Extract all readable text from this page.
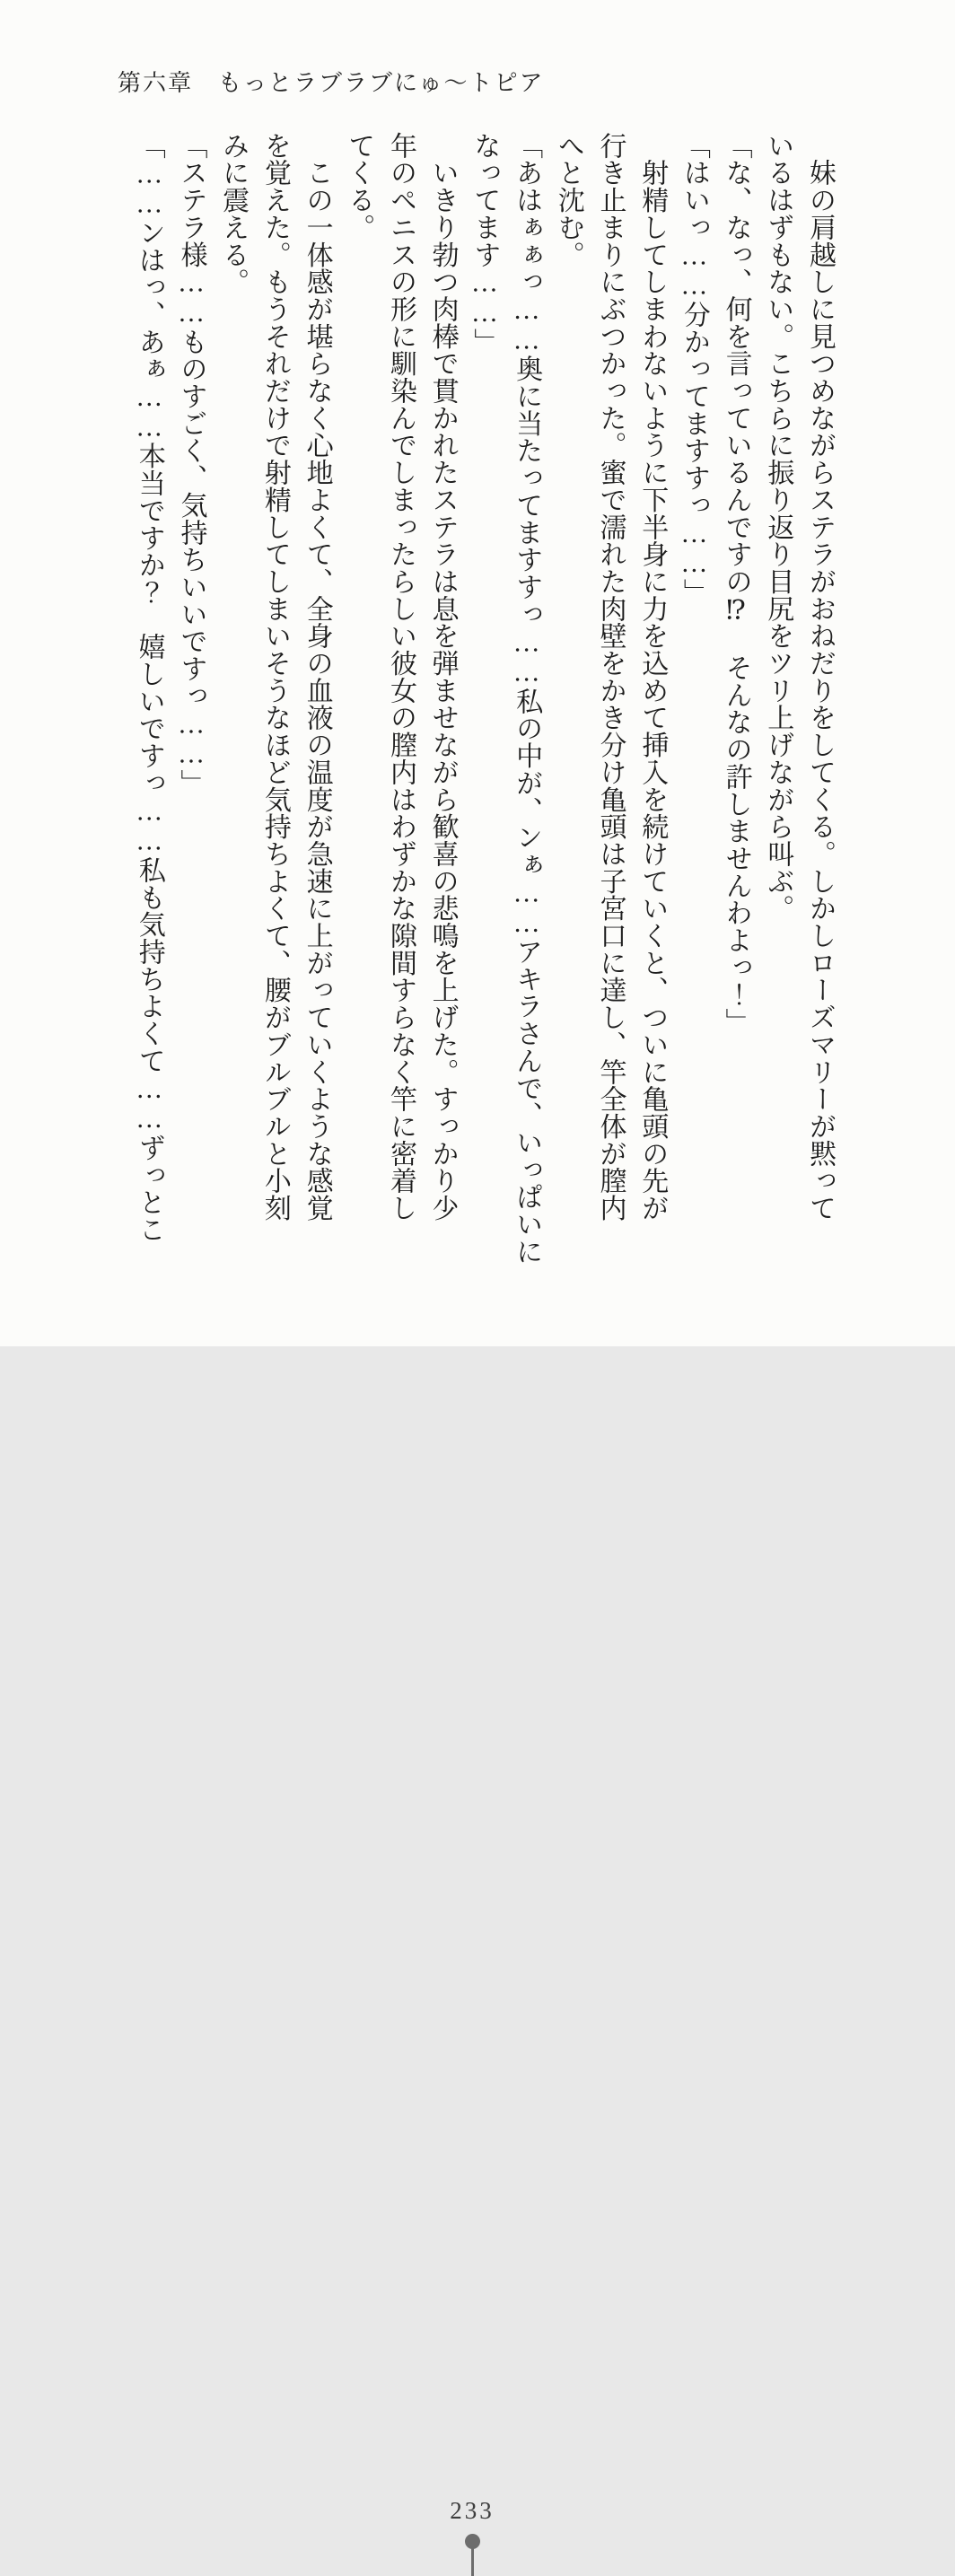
第六章　もっとラブラブにゅ～トピア
　妹の肩越しに見つめながらステラがおねだりをしてくる。しかしローズマリーが黙って
いるはずもない。こちらに振り返り目尻をツリ上げながら叫ぶ。
「な、なっ、何を言っているんですの⁉　そんなの許しませんわよっ！」
「はいっ……分かってますすっ……」
　射精してしまわないように下半身に力を込めて挿入を続けていくと、ついに亀頭の先が
行き止まりにぶつかった。蜜で濡れた肉壁をかき分け亀頭は子宮口に達し、竿全体が膣内
へと沈む。
「あはぁぁっ……奥に当たってますすっ……私の中が、ンぁ……アキラさんで、いっぱいに
なってます……」
　いきり勃つ肉棒で貫かれたステラは息を弾ませながら歓喜の悲鳴を上げた。すっかり少
年のペニスの形に馴染んでしまったらしい彼女の膣内はわずかな隙間すらなく竿に密着し
てくる。
　この一体感が堪らなく心地よくて、全身の血液の温度が急速に上がっていくような感覚
を覚えた。もうそれだけで射精してしまいそうなほど気持ちよくて、腰がブルブルと小刻
みに震える。
「ステラ様……ものすごく、気持ちいいですっ……」
「……ンはっ、あぁ……本当ですか？　嬉しいですっ……私も気持ちよくて……ずっとこ
233
